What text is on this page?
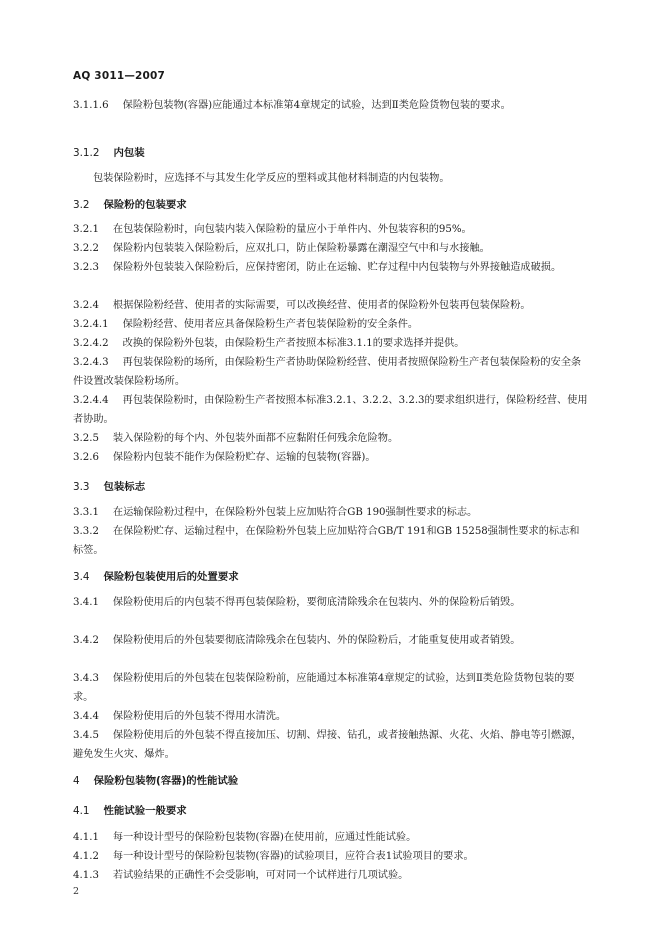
AQ 3011—2007
3.1.1.6 保险粉包装物(容器)应能通过本标准第4章规定的试验，达到Ⅱ类危险货物包装的要求。
3.1.2 内包装
包装保险粉时，应选择不与其发生化学反应的塑料或其他材料制造的内包装物。
3.2 保险粉的包装要求
3.2.1 在包装保险粉时，向包装内装入保险粉的量应小于单件内、外包装容积的95%。
3.2.2 保险粉内包装装入保险粉后，应双扎口，防止保险粉暴露在潮湿空气中和与水接触。
3.2.3 保险粉外包装装入保险粉后，应保持密闭，防止在运输、贮存过程中内包装物与外界接触造成破损。
3.2.4 根据保险粉经营、使用者的实际需要，可以改换经营、使用者的保险粉外包装再包装保险粉。
3.2.4.1 保险粉经营、使用者应具备保险粉生产者包装保险粉的安全条件。
3.2.4.2 改换的保险粉外包装，由保险粉生产者按照本标准3.1.1的要求选择并提供。
3.2.4.3 再包装保险粉的场所，由保险粉生产者协助保险粉经营、使用者按照保险粉生产者包装保险粉的安全条件设置改装保险粉场所。
3.2.4.4 再包装保险粉时，由保险粉生产者按照本标准3.2.1、3.2.2、3.2.3的要求组织进行，保险粉经营、使用者协助。
3.2.5 装入保险粉的每个内、外包装外面都不应黏附任何残余危险物。
3.2.6 保险粉内包装不能作为保险粉贮存、运输的包装物(容器)。
3.3 包装标志
3.3.1 在运输保险粉过程中，在保险粉外包装上应加贴符合GB 190强制性要求的标志。
3.3.2 在保险粉贮存、运输过程中，在保险粉外包装上应加贴符合GB/T 191和GB 15258强制性要求的标志和标签。
3.4 保险粉包装使用后的处置要求
3.4.1 保险粉使用后的内包装不得再包装保险粉，要彻底清除残余在包装内、外的保险粉后销毁。
3.4.2 保险粉使用后的外包装要彻底清除残余在包装内、外的保险粉后，才能重复使用或者销毁。
3.4.3 保险粉使用后的外包装在包装保险粉前，应能通过本标准第4章规定的试验，达到Ⅱ类危险货物包装的要求。
3.4.4 保险粉使用后的外包装不得用水清洗。
3.4.5 保险粉使用后的外包装不得直接加压、切割、焊接、钻孔，或者接触热源、火花、火焰、静电等引燃源，避免发生火灾、爆炸。
4 保险粉包装物(容器)的性能试验
4.1 性能试验一般要求
4.1.1 每一种设计型号的保险粉包装物(容器)在使用前，应通过性能试验。
4.1.2 每一种设计型号的保险粉包装物(容器)的试验项目，应符合表1试验项目的要求。
4.1.3 若试验结果的正确性不会受影响，可对同一个试样进行几项试验。
2
